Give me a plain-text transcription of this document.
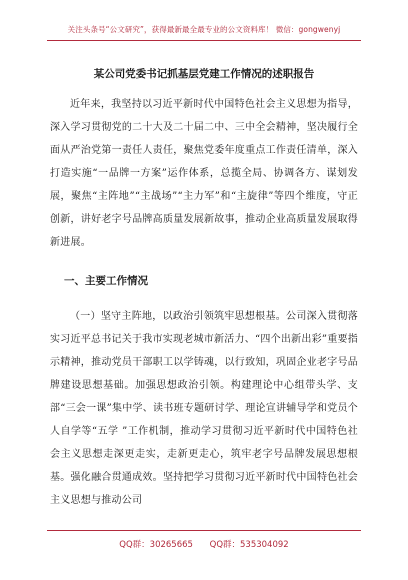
关注头条号“公文研究”，获得最新最全最专业的公文资料库！ 微信：gongwenyj
某公司党委书记抓基层党建工作情况的述职报告

近年来，我坚持以习近平新时代中国特色社会主义思想为指导，深入学习贯彻党的二十大及二十届二中、三中全会精神，坚决履行全面从严治党第一责任人责任，聚焦党委年度重点工作责任清单，深入打造实施“一品牌一方案”运作体系，总揽全局、协调各方、谋划发展，聚焦“主阵地”“主战场”“主力军”和“主旋律”等四个维度，守正创新，讲好老字号品牌高质量发展新故事，推动企业高质量发展取得新进展。

一、主要工作情况

（一）坚守主阵地，以政治引领筑牢思想根基。公司深入贯彻落实习近平总书记关于我市实现老城市新活力、“四个出新出彩”重要指示精神，推动党员干部职工以学铸魂，以行致知，巩固企业老字号品牌建设思想基础。加强思想政治引领。构建理论中心组带头学、支部“三会一课”集中学、读书班专题研讨学、理论宣讲辅导学和党员个人自学等“五学 ”工作机制，推动学习贯彻习近平新时代中国特色社会主义思想走深更走实，走新更走心，筑牢老字号品牌发展思想根基。强化融合贯通成效。坚持把学习贯彻习近平新时代中国特色社会主义思想与推动公司

QQ群：30265665 QQ群：535304092
